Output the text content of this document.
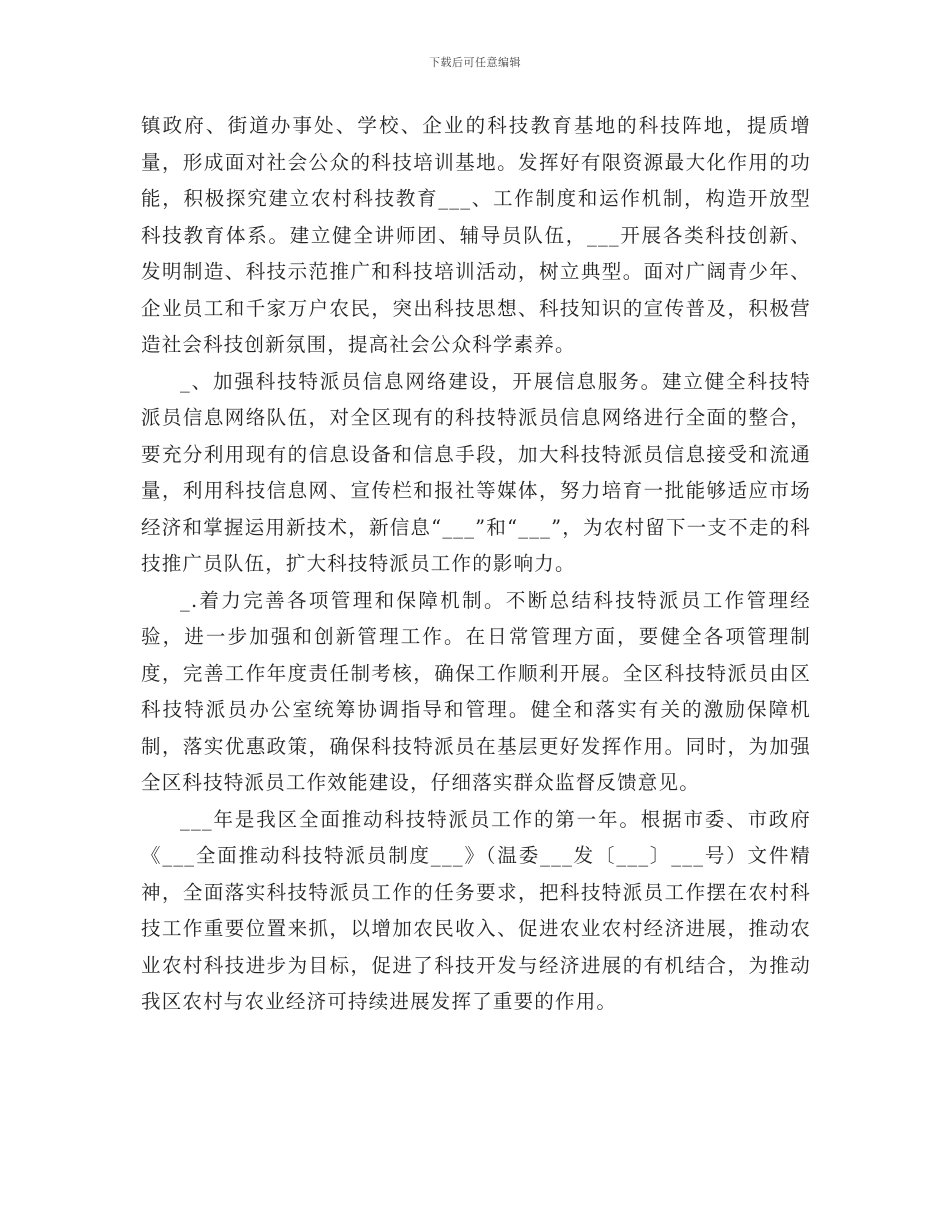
下载后可任意编辑

镇政府、街道办事处、学校、企业的科技教育基地的科技阵地，提质增量，形成面对社会公众的科技培训基地。发挥好有限资源最大化作用的功能，积极探究建立农村科技教育___、工作制度和运作机制，构造开放型科技教育体系。建立健全讲师团、辅导员队伍，___开展各类科技创新、发明制造、科技示范推广和科技培训活动，树立典型。面对广阔青少年、企业员工和千家万户农民，突出科技思想、科技知识的宣传普及，积极营造社会科技创新氛围，提高社会公众科学素养。

_、加强科技特派员信息网络建设，开展信息服务。建立健全科技特派员信息网络队伍，对全区现有的科技特派员信息网络进行全面的整合，要充分利用现有的信息设备和信息手段，加大科技特派员信息接受和流通量，利用科技信息网、宣传栏和报社等媒体，努力培育一批能够适应市场经济和掌握运用新技术，新信息“___”和“___”，为农村留下一支不走的科技推广员队伍，扩大科技特派员工作的影响力。

_.着力完善各项管理和保障机制。不断总结科技特派员工作管理经验，进一步加强和创新管理工作。在日常管理方面，要健全各项管理制度，完善工作年度责任制考核，确保工作顺利开展。全区科技特派员由区科技特派员办公室统筹协调指导和管理。健全和落实有关的激励保障机制，落实优惠政策，确保科技特派员在基层更好发挥作用。同时，为加强全区科技特派员工作效能建设，仔细落实群众监督反馈意见。

___年是我区全面推动科技特派员工作的第一年。根据市委、市政府《___全面推动科技特派员制度___》（温委___发〔___〕___号）文件精神，全面落实科技特派员工作的任务要求，把科技特派员工作摆在农村科技工作重要位置来抓，以增加农民收入、促进农业农村经济进展，推动农业农村科技进步为目标，促进了科技开发与经济进展的有机结合，为推动我区农村与农业经济可持续进展发挥了重要的作用。
